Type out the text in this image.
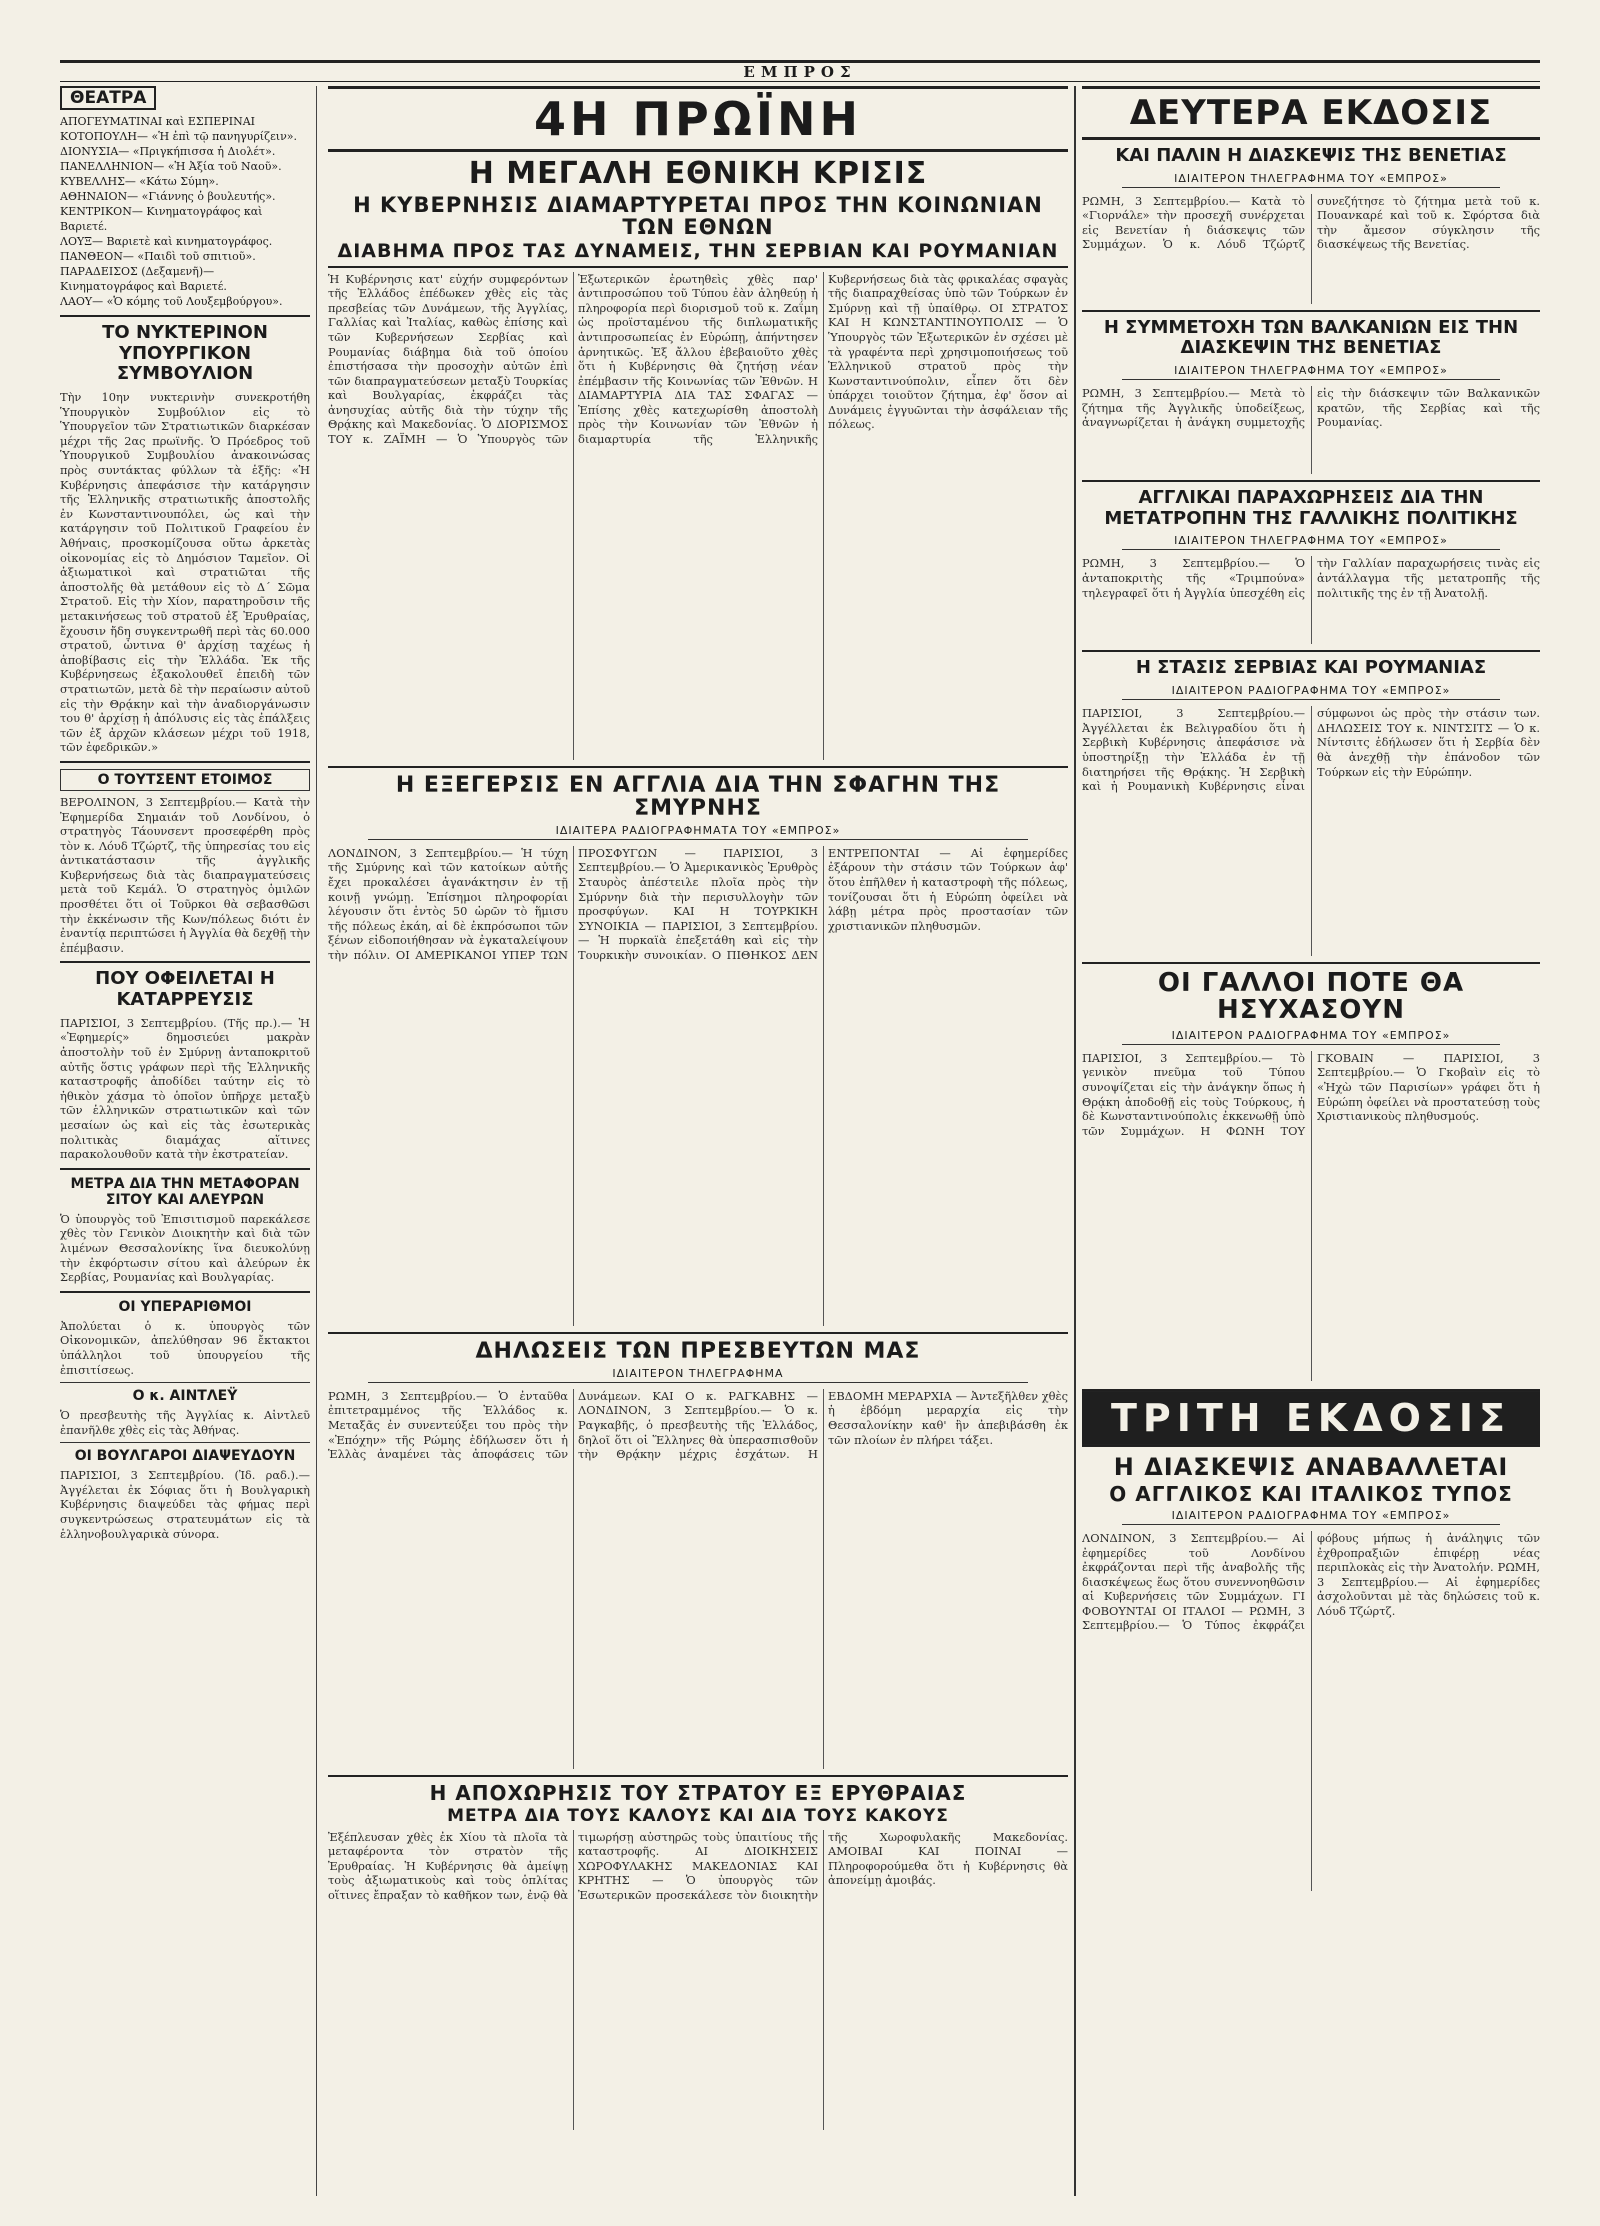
ΕΜΠΡΟΣ
ΘΕΑΤΡΑ

ΑΠΟΓΕΥΜΑΤΙΝΑΙ καὶ ΕΣΠΕΡΙΝΑΙ

ΚΟΤΟΠΟΥΛΗ— «Ἡ ἐπὶ τῷ πανηγυρίζειν».

ΔΙΟΝΥΣΙΑ— «Πριγκήπισσα ἡ Διολέτ».

ΠΑΝΕΛΛΗΝΙΟΝ— «Ἡ Ἀξία τοῦ Ναοῦ».

ΚΥΒΕΛΛΗΣ— «Κάτω Σύμη».

ΑΘΗΝΑΙΟΝ— «Γιάννης ὁ βουλευτής».

ΚΕΝΤΡΙΚΟΝ— Κινηματογράφος καὶ Βαριετέ.

ΛΟΥΞ— Βαριετὲ καὶ κινηματογράφος.

ΠΑΝΘΕΟΝ— «Παιδὶ τοῦ σπιτιοῦ».

ΠΑΡΑΔΕΙΣΟΣ (Δεξαμενῆ)— Κινηματογράφος καὶ Βαριετέ.

ΛΑΟΥ— «Ὁ κόμης τοῦ Λουξεμβούργου».

ΤΟ ΝΥΚΤΕΡΙΝΟΝ ΥΠΟΥΡΓΙΚΟΝ ΣΥΜΒΟΥΛΙΟΝ

Τὴν 10ην νυκτερινὴν συνεκροτήθη Ὑπουργικὸν Συμβούλιον εἰς τὸ Ὑπουργεῖον τῶν Στρατιωτικῶν διαρκέσαν μέχρι τῆς 2ας πρωϊνῆς. Ὁ Πρόεδρος τοῦ Ὑπουργικοῦ Συμβουλίου ἀνακοινώσας πρὸς συντάκτας φύλλων τὰ ἑξῆς: «Ἡ Κυβέρνησις ἀπεφάσισε τὴν κατάργησιν τῆς Ἑλληνικῆς στρατιωτικῆς ἀποστολῆς ἐν Κωνσταντινουπόλει, ὡς καὶ τὴν κατάργησιν τοῦ Πολιτικοῦ Γραφείου ἐν Ἀθήναις, προσκομίζουσα οὕτω ἀρκετὰς οἰκονομίας εἰς τὸ Δημόσιον Ταμεῖον. Οἱ ἀξιωματικοὶ καὶ στρατιῶται τῆς ἀποστολῆς θὰ μετάθουν εἰς τὸ Δ΄ Σῶμα Στρατοῦ. Εἰς τὴν Χίον, παρατηροῦσιν τῆς μετακινήσεως τοῦ στρατοῦ ἐξ Ἐρυθραίας, ἔχουσιν ἤδη συγκεντρωθῆ περὶ τὰς 60.000 στρατοῦ, ὧντινα θ' ἀρχίσῃ ταχέως ἡ ἀποβίβασις εἰς τὴν Ἑλλάδα. Ἐκ τῆς Κυβέρνησεως ἐξακολουθεῖ ἐπειδὴ τῶν στρατιωτῶν, μετὰ δὲ τὴν περαίωσιν αὐτοῦ εἰς τὴν Θρᾴκην καὶ τὴν ἀναδιοργάνωσιν του θ' ἀρχίσῃ ἡ ἀπόλυσις εἰς τὰς ἐπάλξεις τῶν ἐξ ἀρχῶν κλάσεων μέχρι τοῦ 1918, τῶν ἐφεδρικῶν.»

Ο ΤΟΥΤΣΕΝΤ ΕΤΟΙΜΟΣ

ΒΕΡΟΛΙΝΟΝ, 3 Σεπτεμβρίου.— Κατὰ τὴν Ἐφημερίδα Σημαιάν τοῦ Λονδίνου, ὁ στρατηγὸς Τάουνσεντ προσεφέρθη πρὸς τὸν κ. Λόυδ Τζώρτζ, τῆς ὑπηρεσίας του εἰς ἀντικατάστασιν τῆς ἀγγλικῆς Κυβερνήσεως διὰ τὰς διαπραγματεύσεις μετὰ τοῦ Κεμάλ. Ὁ στρατηγὸς ὁμιλῶν προσθέτει ὅτι οἱ Τοῦρκοι θὰ σεβασθῶσι τὴν ἐκκένωσιν τῆς Κων/πόλεως διότι ἐν ἐναντίᾳ περιπτώσει ἡ Ἀγγλία θὰ δεχθῇ τὴν ἐπέμβασιν.

ΠΟΥ ΟΦΕΙΛΕΤΑΙ Η ΚΑΤΑΡΡΕΥΣΙΣ

ΠΑΡΙΣΙΟΙ, 3 Σεπτεμβρίου. (Τῆς πρ.).— Ἡ «Ἐφημερίς» δημοσιεύει μακρὰν ἀποστολὴν τοῦ ἐν Σμύρνῃ ἀνταποκριτοῦ αὐτῆς ὅστις γράφων περὶ τῆς Ἑλληνικῆς καταστροφῆς ἀποδίδει ταύτην εἰς τὸ ἠθικὸν χάσμα τὸ ὁποῖον ὑπῆρχε μεταξὺ τῶν ἑλληνικῶν στρατιωτικῶν καὶ τῶν μεσαίων ὡς καὶ εἰς τὰς ἐσωτερικὰς πολιτικὰς διαμάχας αἵτινες παρακολουθοῦν κατὰ τὴν ἐκστρατείαν.

ΜΕΤΡΑ ΔΙΑ ΤΗΝ ΜΕΤΑΦΟΡΑΝ ΣΙΤΟΥ ΚΑΙ ΑΛΕΥΡΩΝ

Ὁ ὑπουργὸς τοῦ Ἐπισιτισμοῦ παρεκάλεσε χθὲς τὸν Γενικὸν Διοικητὴν καὶ διὰ τῶν λιμένων Θεσσαλονίκης ἵνα διευκολύνῃ τὴν ἐκφόρτωσιν σίτου καὶ ἀλεύρων ἐκ Σερβίας, Ρουμανίας καὶ Βουλγαρίας.

ΟΙ ΥΠΕΡΑΡΙΘΜΟΙ

Ἀπολύεται ὁ κ. ὑπουργὸς τῶν Οἰκονομικῶν, ἀπελύθησαν 96 ἔκτακτοι ὑπάλληλοι τοῦ ὑπουργείου τῆς ἐπισιτίσεως.

Ο κ. ΑΙΝΤΛΕΫ

Ὁ πρεσβευτὴς τῆς Ἀγγλίας κ. Αἰντλεῦ ἐπανῆλθε χθὲς εἰς τὰς Ἀθήνας.

ΟΙ ΒΟΥΛΓΑΡΟΙ ΔΙΑΨΕΥΔΟΥΝ

ΠΑΡΙΣΙΟΙ, 3 Σεπτεμβρίου. (Ἰδ. ραδ.).— Ἀγγέλεται ἐκ Σόφιας ὅτι ἡ Βουλγαρικὴ Κυβέρνησις διαψεύδει τὰς φήμας περὶ συγκεντρώσεως στρατευμάτων εἰς τὰ ἑλληνοβουλγαρικὰ σύνορα.

4Η ΠΡΩΪΝΗ
Η ΜΕΓΑΛΗ ΕΘΝΙΚΗ ΚΡΙΣΙΣ
Η ΚΥΒΕΡΝΗΣΙΣ ΔΙΑΜΑΡΤΥΡΕΤΑΙ ΠΡΟΣ ΤΗΝ ΚΟΙΝΩΝΙΑΝ ΤΩΝ ΕΘΝΩΝ
ΔΙΑΒΗΜΑ ΠΡΟΣ ΤΑΣ ΔΥΝΑΜΕΙΣ, ΤΗΝ ΣΕΡΒΙΑΝ ΚΑΙ ΡΟΥΜΑΝΙΑΝ

Ἡ Κυβέρνησις κατ' εὐχήν συμφερόντων τῆς Ἑλλάδος ἐπέδωκεν χθὲς εἰς τὰς πρεσβείας τῶν Δυνάμεων, τῆς Ἀγγλίας, Γαλλίας καὶ Ἰταλίας, καθὼς ἐπίσης καὶ τῶν Κυβερνήσεων Σερβίας καὶ Ρουμανίας διάβημα διὰ τοῦ ὁποίου ἐπιστήσασα τὴν προσοχὴν αὐτῶν ἐπὶ τῶν διαπραγματεύσεων μεταξὺ Τουρκίας καὶ Βουλγαρίας, ἐκφράζει τὰς ἀνησυχίας αὐτῆς διὰ τὴν τύχην τῆς Θρᾴκης καὶ Μακεδονίας. Ὁ ΔΙΟΡΙΣΜΟΣ ΤΟΥ κ. ΖΑΪΜΗ — Ὁ Ὑπουργὸς τῶν Ἐξωτερικῶν ἐρωτηθεὶς χθὲς παρ' ἀντιπροσώπου τοῦ Τύπου ἐὰν ἀληθεύῃ ἡ πληροφορία περὶ διορισμοῦ τοῦ κ. Ζαΐμη ὡς προϊσταμένου τῆς διπλωματικῆς ἀντιπροσωπείας ἐν Εὐρώπῃ, ἀπήντησεν ἀρνητικῶς. Ἐξ ἄλλου ἐβεβαιοῦτο χθὲς ὅτι ἡ Κυβέρνησις θὰ ζητήσῃ νέαν ἐπέμβασιν τῆς Κοινωνίας τῶν Ἐθνῶν. Η ΔΙΑΜΑΡΤΥΡΙΑ ΔΙΑ ΤΑΣ ΣΦΑΓΑΣ — Ἐπίσης χθὲς κατεχωρίσθη ἀποστολὴ πρὸς τὴν Κοινωνίαν τῶν Ἐθνῶν ἡ διαμαρτυρία τῆς Ἑλληνικῆς Κυβερνήσεως διὰ τὰς φρικαλέας σφαγὰς τῆς διαπραχθείσας ὑπὸ τῶν Τούρκων ἐν Σμύρνῃ καὶ τῇ ὑπαίθρῳ. ΟΙ ΣΤΡΑΤΟΣ ΚΑΙ Η ΚΩΝΣΤΑΝΤΙΝΟΥΠΟΛΙΣ — Ὁ Ὑπουργὸς τῶν Ἐξωτερικῶν ἐν σχέσει μὲ τὰ γραφέντα περὶ χρησιμοποιήσεως τοῦ Ἑλληνικοῦ στρατοῦ πρὸς τὴν Κωνσταντινούπολιν, εἶπεν ὅτι δὲν ὑπάρχει τοιοῦτον ζήτημα, ἐφ' ὅσον αἱ Δυνάμεις ἐγγυῶνται τὴν ἀσφάλειαν τῆς πόλεως.

Η ΕΞΕΓΕΡΣΙΣ ΕΝ ΑΓΓΛΙΑ ΔΙΑ ΤΗΝ ΣΦΑΓΗΝ ΤΗΣ ΣΜΥΡΝΗΣ
ΙΔΙΑΙΤΕΡΑ ΡΑΔΙΟΓΡΑΦΗΜΑΤΑ ΤΟΥ «ΕΜΠΡΟΣ»

ΛΟΝΔΙΝΟΝ, 3 Σεπτεμβρίου.— Ἡ τύχη τῆς Σμύρνης καὶ τῶν κατοίκων αὐτῆς ἔχει προκαλέσει ἀγανάκτησιν ἐν τῇ κοινῇ γνώμῃ. Ἐπίσημοι πληροφορίαι λέγουσιν ὅτι ἐντὸς 50 ὡρῶν τὸ ἥμισυ τῆς πόλεως ἐκάη, αἱ δὲ ἐκπρόσωποι τῶν ξένων εἰδοποιήθησαν νὰ ἐγκαταλείψουν τὴν πόλιν. ΟΙ ΑΜΕΡΙΚΑΝΟΙ ΥΠΕΡ ΤΩΝ ΠΡΟΣΦΥΓΩΝ — ΠΑΡΙΣΙΟΙ, 3 Σεπτεμβρίου.— Ὁ Ἀμερικανικὸς Ἐρυθρὸς Σταυρὸς ἀπέστειλε πλοῖα πρὸς τὴν Σμύρνην διὰ τὴν περισυλλογὴν τῶν προσφύγων. ΚΑΙ Η ΤΟΥΡΚΙΚΗ ΣΥΝΟΙΚΙΑ — ΠΑΡΙΣΙΟΙ, 3 Σεπτεμβρίου.— Ἡ πυρκαϊὰ ἐπεξετάθη καὶ εἰς τὴν Τουρκικὴν συνοικίαν. Ο ΠΙΘΗΚΟΣ ΔΕΝ ΕΝΤΡΕΠΟΝΤΑΙ — Αἱ ἐφημερίδες ἐξάρουν τὴν στάσιν τῶν Τούρκων ἀφ' ὅτου ἐπῆλθεν ἡ καταστροφὴ τῆς πόλεως, τονίζουσαι ὅτι ἡ Εὐρώπη ὀφείλει νὰ λάβῃ μέτρα πρὸς προστασίαν τῶν χριστιανικῶν πληθυσμῶν.

ΔΗΛΩΣΕΙΣ ΤΩΝ ΠΡΕΣΒΕΥΤΩΝ ΜΑΣ
ΙΔΙΑΙΤΕΡΟΝ ΤΗΛΕΓΡΑΦΗΜΑ

ΡΩΜΗ, 3 Σεπτεμβρίου.— Ὁ ἐνταῦθα ἐπιτετραμμένος τῆς Ἑλλάδος κ. Μεταξᾶς ἐν συνεντεύξει του πρὸς τὴν «Ἐπόχην» τῆς Ρώμης ἐδήλωσεν ὅτι ἡ Ἑλλὰς ἀναμένει τὰς ἀποφάσεις τῶν Δυνάμεων. ΚΑΙ Ο κ. ΡΑΓΚΑΒΗΣ — ΛΟΝΔΙΝΟΝ, 3 Σεπτεμβρίου.— Ὁ κ. Ραγκαβῆς, ὁ πρεσβευτὴς τῆς Ἑλλάδος, δηλοῖ ὅτι οἱ Ἕλληνες θὰ ὑπερασπισθοῦν τὴν Θρᾴκην μέχρις ἐσχάτων. Η ΕΒΔΟΜΗ ΜΕΡΑΡΧΙΑ — Ἀντεξῆλθεν χθὲς ἡ ἑβδόμη μεραρχία εἰς τὴν Θεσσαλονίκην καθ' ἣν ἀπεβιβάσθη ἐκ τῶν πλοίων ἐν πλήρει τάξει.

Η ΑΠΟΧΩΡΗΣΙΣ ΤΟΥ ΣΤΡΑΤΟΥ ΕΞ ΕΡΥΘΡΑΙΑΣ
ΜΕΤΡΑ ΔΙΑ ΤΟΥΣ ΚΑΛΟΥΣ ΚΑΙ ΔΙΑ ΤΟΥΣ ΚΑΚΟΥΣ

Ἐξέπλευσαν χθὲς ἐκ Χίου τὰ πλοῖα τὰ μεταφέροντα τὸν στρατὸν τῆς Ἐρυθραίας. Ἡ Κυβέρνησις θὰ ἀμείψῃ τοὺς ἀξιωματικοὺς καὶ τοὺς ὁπλίτας οἵτινες ἔπραξαν τὸ καθῆκον των, ἐνῷ θὰ τιμωρήσῃ αὐστηρῶς τοὺς ὑπαιτίους τῆς καταστροφῆς. ΑΙ ΔΙΟΙΚΗΣΕΙΣ ΧΩΡΟΦΥΛΑΚΗΣ ΜΑΚΕΔΟΝΙΑΣ ΚΑΙ ΚΡΗΤΗΣ — Ὁ ὑπουργὸς τῶν Ἐσωτερικῶν προσεκάλεσε τὸν διοικητὴν τῆς Χωροφυλακῆς Μακεδονίας. ΑΜΟΙΒΑΙ ΚΑΙ ΠΟΙΝΑΙ — Πληροφορούμεθα ὅτι ἡ Κυβέρνησις θὰ ἀπονείμῃ ἀμοιβάς.

ΔΕΥΤΕΡΑ ΕΚΔΟΣΙΣ
ΚΑΙ ΠΑΛΙΝ Η ΔΙΑΣΚΕΨΙΣ ΤΗΣ ΒΕΝΕΤΙΑΣ
ΙΔΙΑΙΤΕΡΟΝ ΤΗΛΕΓΡΑΦΗΜΑ ΤΟΥ «ΕΜΠΡΟΣ»

ΡΩΜΗ, 3 Σεπτεμβρίου.— Κατὰ τὸ «Γιορνάλε» τὴν προσεχῆ συνέρχεται εἰς Βενετίαν ἡ διάσκεψις τῶν Συμμάχων. Ὁ κ. Λόυδ Τζώρτζ συνεζήτησε τὸ ζήτημα μετὰ τοῦ κ. Πουανκαρέ καὶ τοῦ κ. Σφόρτσα διὰ τὴν ἄμεσον σύγκλησιν τῆς διασκέψεως τῆς Βενετίας.

Η ΣΥΜΜΕΤΟΧΗ ΤΩΝ ΒΑΛΚΑΝΙΩΝ ΕΙΣ ΤΗΝ ΔΙΑΣΚΕΨΙΝ ΤΗΣ ΒΕΝΕΤΙΑΣ
ΙΔΙΑΙΤΕΡΟΝ ΤΗΛΕΓΡΑΦΗΜΑ ΤΟΥ «ΕΜΠΡΟΣ»

ΡΩΜΗ, 3 Σεπτεμβρίου.— Μετὰ τὸ ζήτημα τῆς Ἀγγλικῆς ὑποδείξεως, ἀναγνωρίζεται ἡ ἀνάγκη συμμετοχῆς εἰς τὴν διάσκεψιν τῶν Βαλκανικῶν κρατῶν, τῆς Σερβίας καὶ τῆς Ρουμανίας.

ΑΓΓΛΙΚΑΙ ΠΑΡΑΧΩΡΗΣΕΙΣ ΔΙΑ ΤΗΝ ΜΕΤΑΤΡΟΠΗΝ ΤΗΣ ΓΑΛΛΙΚΗΣ ΠΟΛΙΤΙΚΗΣ
ΙΔΙΑΙΤΕΡΟΝ ΤΗΛΕΓΡΑΦΗΜΑ ΤΟΥ «ΕΜΠΡΟΣ»

ΡΩΜΗ, 3 Σεπτεμβρίου.— Ὁ ἀνταποκριτὴς τῆς «Τριμπούνα» τηλεγραφεῖ ὅτι ἡ Ἀγγλία ὑπεσχέθη εἰς τὴν Γαλλίαν παραχωρήσεις τινὰς εἰς ἀντάλλαγμα τῆς μετατροπῆς τῆς πολιτικῆς της ἐν τῇ Ἀνατολῇ.

Η ΣΤΑΣΙΣ ΣΕΡΒΙΑΣ ΚΑΙ ΡΟΥΜΑΝΙΑΣ
ΙΔΙΑΙΤΕΡΟΝ ΡΑΔΙΟΓΡΑΦΗΜΑ ΤΟΥ «ΕΜΠΡΟΣ»

ΠΑΡΙΣΙΟΙ, 3 Σεπτεμβρίου.— Ἀγγέλλεται ἐκ Βελιγραδίου ὅτι ἡ Σερβικὴ Κυβέρνησις ἀπεφάσισε νὰ ὑποστηρίξῃ τὴν Ἑλλάδα ἐν τῇ διατηρήσει τῆς Θρᾴκης. Ἡ Σερβικὴ καὶ ἡ Ρουμανικὴ Κυβέρνησις εἶναι σύμφωνοι ὡς πρὸς τὴν στάσιν των. ΔΗΛΩΣΕΙΣ ΤΟΥ κ. ΝΙΝΤΣΙΤΣ — Ὁ κ. Νίντσιτς ἐδήλωσεν ὅτι ἡ Σερβία δὲν θὰ ἀνεχθῇ τὴν ἐπάνοδον τῶν Τούρκων εἰς τὴν Εὐρώπην.

ΟΙ ΓΑΛΛΟΙ ΠΟΤΕ ΘΑ ΗΣΥΧΑΣΟΥΝ
ΙΔΙΑΙΤΕΡΟΝ ΡΑΔΙΟΓΡΑΦΗΜΑ ΤΟΥ «ΕΜΠΡΟΣ»

ΠΑΡΙΣΙΟΙ, 3 Σεπτεμβρίου.— Τὸ γενικὸν πνεῦμα τοῦ Τύπου συνοψίζεται εἰς τὴν ἀνάγκην ὅπως ἡ Θρᾴκη ἀποδοθῇ εἰς τοὺς Τούρκους, ἡ δὲ Κωνσταντινούπολις ἐκκενωθῇ ὑπὸ τῶν Συμμάχων. Η ΦΩΝΗ ΤΟΥ ΓΚΟΒΑΙΝ — ΠΑΡΙΣΙΟΙ, 3 Σεπτεμβρίου.— Ὁ Γκοβαὶν εἰς τὸ «Ἠχὼ τῶν Παρισίων» γράφει ὅτι ἡ Εὐρώπη ὀφείλει νὰ προστατεύσῃ τοὺς Χριστιανικοὺς πληθυσμούς.

ΤΡΙΤΗ ΕΚΔΟΣΙΣ
Η ΔΙΑΣΚΕΨΙΣ ΑΝΑΒΑΛΛΕΤΑΙ
Ο ΑΓΓΛΙΚΟΣ ΚΑΙ ΙΤΑΛΙΚΟΣ ΤΥΠΟΣ
ΙΔΙΑΙΤΕΡΟΝ ΡΑΔΙΟΓΡΑΦΗΜΑ ΤΟΥ «ΕΜΠΡΟΣ»

ΛΟΝΔΙΝΟΝ, 3 Σεπτεμβρίου.— Αἱ ἐφημερίδες τοῦ Λονδίνου ἐκφράζονται περὶ τῆς ἀναβολῆς τῆς διασκέψεως ἕως ὅτου συνεννοηθῶσιν αἱ Κυβερνήσεις τῶν Συμμάχων. ΓΙ ΦΟΒΟΥΝΤΑΙ ΟΙ ΙΤΑΛΟΙ — ΡΩΜΗ, 3 Σεπτεμβρίου.— Ὁ Τύπος ἐκφράζει φόβους μήπως ἡ ἀνάληψις τῶν ἐχθροπραξιῶν ἐπιφέρῃ νέας περιπλοκὰς εἰς τὴν Ἀνατολήν. ΡΩΜΗ, 3 Σεπτεμβρίου.— Αἱ ἐφημερίδες ἀσχολοῦνται μὲ τὰς δηλώσεις τοῦ κ. Λόυδ Τζώρτζ.
